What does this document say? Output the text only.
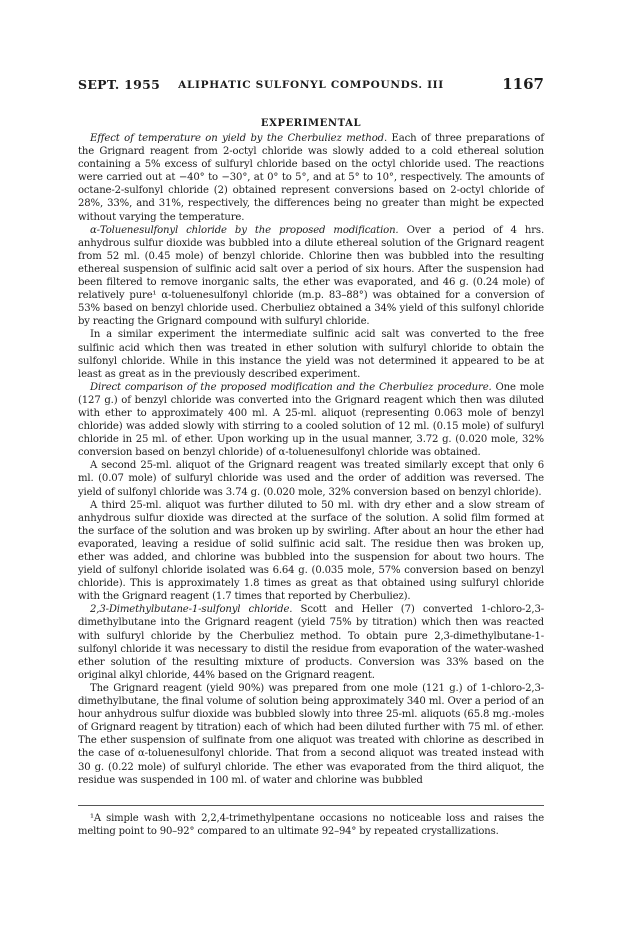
SEPT. 1955	ALIPHATIC SULFONYL COMPOUNDS. III	1167
EXPERIMENTAL

Effect of temperature on yield by the Cherbuliez method. Each of three preparations of the Grignard reagent from 2-octyl chloride was slowly added to a cold ethereal solution containing a 5% excess of sulfuryl chloride based on the octyl chloride used. The reactions were carried out at −40° to −30°, at 0° to 5°, and at 5° to 10°, respectively. The amounts of octane-2-sulfonyl chloride (2) obtained represent conversions based on 2-octyl chloride of 28%, 33%, and 31%, respectively, the differences being no greater than might be expected without varying the temperature.

α-Toluenesulfonyl chloride by the proposed modification. Over a period of 4 hrs. anhydrous sulfur dioxide was bubbled into a dilute ethereal solution of the Grignard reagent from 52 ml. (0.45 mole) of benzyl chloride. Chlorine then was bubbled into the resulting ethereal suspension of sulfinic acid salt over a period of six hours. After the suspension had been filtered to remove inorganic salts, the ether was evaporated, and 46 g. (0.24 mole) of relatively pure¹ α-toluenesulfonyl chloride (m.p. 83–88°) was obtained for a conversion of 53% based on benzyl chloride used. Cherbuliez obtained a 34% yield of this sulfonyl chloride by reacting the Grignard compound with sulfuryl chloride.

In a similar experiment the intermediate sulfinic acid salt was converted to the free sulfinic acid which then was treated in ether solution with sulfuryl chloride to obtain the sulfonyl chloride. While in this instance the yield was not determined it appeared to be at least as great as in the previously described experiment.

Direct comparison of the proposed modification and the Cherbuliez procedure. One mole (127 g.) of benzyl chloride was converted into the Grignard reagent which then was diluted with ether to approximately 400 ml. A 25-ml. aliquot (representing 0.063 mole of benzyl chloride) was added slowly with stirring to a cooled solution of 12 ml. (0.15 mole) of sulfuryl chloride in 25 ml. of ether. Upon working up in the usual manner, 3.72 g. (0.020 mole, 32% conversion based on benzyl chloride) of α-toluenesulfonyl chloride was obtained.

A second 25-ml. aliquot of the Grignard reagent was treated similarly except that only 6 ml. (0.07 mole) of sulfuryl chloride was used and the order of addition was reversed. The yield of sulfonyl chloride was 3.74 g. (0.020 mole, 32% conversion based on benzyl chloride).

A third 25-ml. aliquot was further diluted to 50 ml. with dry ether and a slow stream of anhydrous sulfur dioxide was directed at the surface of the solution. A solid film formed at the surface of the solution and was broken up by swirling. After about an hour the ether had evaporated, leaving a residue of solid sulfinic acid salt. The residue then was broken up, ether was added, and chlorine was bubbled into the suspension for about two hours. The yield of sulfonyl chloride isolated was 6.64 g. (0.035 mole, 57% conversion based on benzyl chloride). This is approximately 1.8 times as great as that obtained using sulfuryl chloride with the Grignard reagent (1.7 times that reported by Cherbuliez).

2,3-Dimethylbutane-1-sulfonyl chloride. Scott and Heller (7) converted 1-chloro-2,3-dimethylbutane into the Grignard reagent (yield 75% by titration) which then was reacted with sulfuryl chloride by the Cherbuliez method. To obtain pure 2,3-dimethylbutane-1-sulfonyl chloride it was necessary to distil the residue from evaporation of the water-washed ether solution of the resulting mixture of products. Conversion was 33% based on the original alkyl chloride, 44% based on the Grignard reagent.

The Grignard reagent (yield 90%) was prepared from one mole (121 g.) of 1-chloro-2,3-dimethylbutane, the final volume of solution being approximately 340 ml. Over a period of an hour anhydrous sulfur dioxide was bubbled slowly into three 25-ml. aliquots (65.8 mg.-moles of Grignard reagent by titration) each of which had been diluted further with 75 ml. of ether. The ether suspension of sulfinate from one aliquot was treated with chlorine as described in the case of α-toluenesulfonyl chloride. That from a second aliquot was treated instead with 30 g. (0.22 mole) of sulfuryl chloride. The ether was evaporated from the third aliquot, the residue was suspended in 100 ml. of water and chlorine was bubbled

¹A simple wash with 2,2,4-trimethylpentane occasions no noticeable loss and raises the melting point to 90–92° compared to an ultimate 92–94° by repeated crystallizations.
